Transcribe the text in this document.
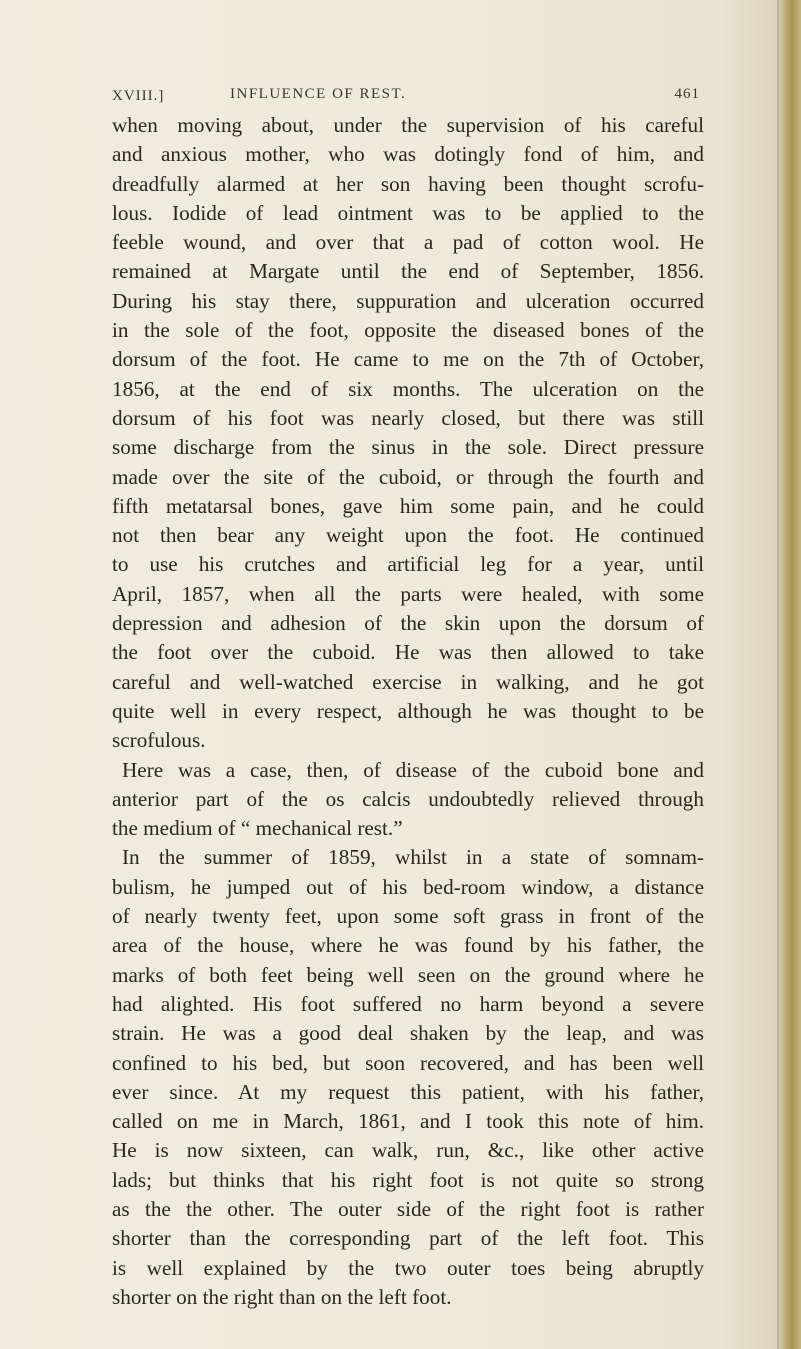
XVIII.]	INFLUENCE OF REST.	461
when moving about, under the supervision of his careful
and anxious mother, who was dotingly fond of him, and
dreadfully alarmed at her son having been thought scrofu-
lous. Iodide of lead ointment was to be applied to the
feeble wound, and over that a pad of cotton wool. He
remained at Margate until the end of September, 1856.
During his stay there, suppuration and ulceration occurred
in the sole of the foot, opposite the diseased bones of the
dorsum of the foot. He came to me on the 7th of October,
1856, at the end of six months. The ulceration on the
dorsum of his foot was nearly closed, but there was still
some discharge from the sinus in the sole. Direct pressure
made over the site of the cuboid, or through the fourth and
fifth metatarsal bones, gave him some pain, and he could
not then bear any weight upon the foot. He continued
to use his crutches and artificial leg for a year, until
April, 1857, when all the parts were healed, with some
depression and adhesion of the skin upon the dorsum of
the foot over the cuboid. He was then allowed to take
careful and well-watched exercise in walking, and he got
quite well in every respect, although he was thought to be
scrofulous.
Here was a case, then, of disease of the cuboid bone and
anterior part of the os calcis undoubtedly relieved through
the medium of “ mechanical rest.”
In the summer of 1859, whilst in a state of somnam-
bulism, he jumped out of his bed-room window, a distance
of nearly twenty feet, upon some soft grass in front of the
area of the house, where he was found by his father, the
marks of both feet being well seen on the ground where he
had alighted. His foot suffered no harm beyond a severe
strain. He was a good deal shaken by the leap, and was
confined to his bed, but soon recovered, and has been well
ever since. At my request this patient, with his father,
called on me in March, 1861, and I took this note of him.
He is now sixteen, can walk, run, &c., like other active
lads; but thinks that his right foot is not quite so strong
as the the other. The outer side of the right foot is rather
shorter than the corresponding part of the left foot. This
is well explained by the two outer toes being abruptly
shorter on the right than on the left foot.
